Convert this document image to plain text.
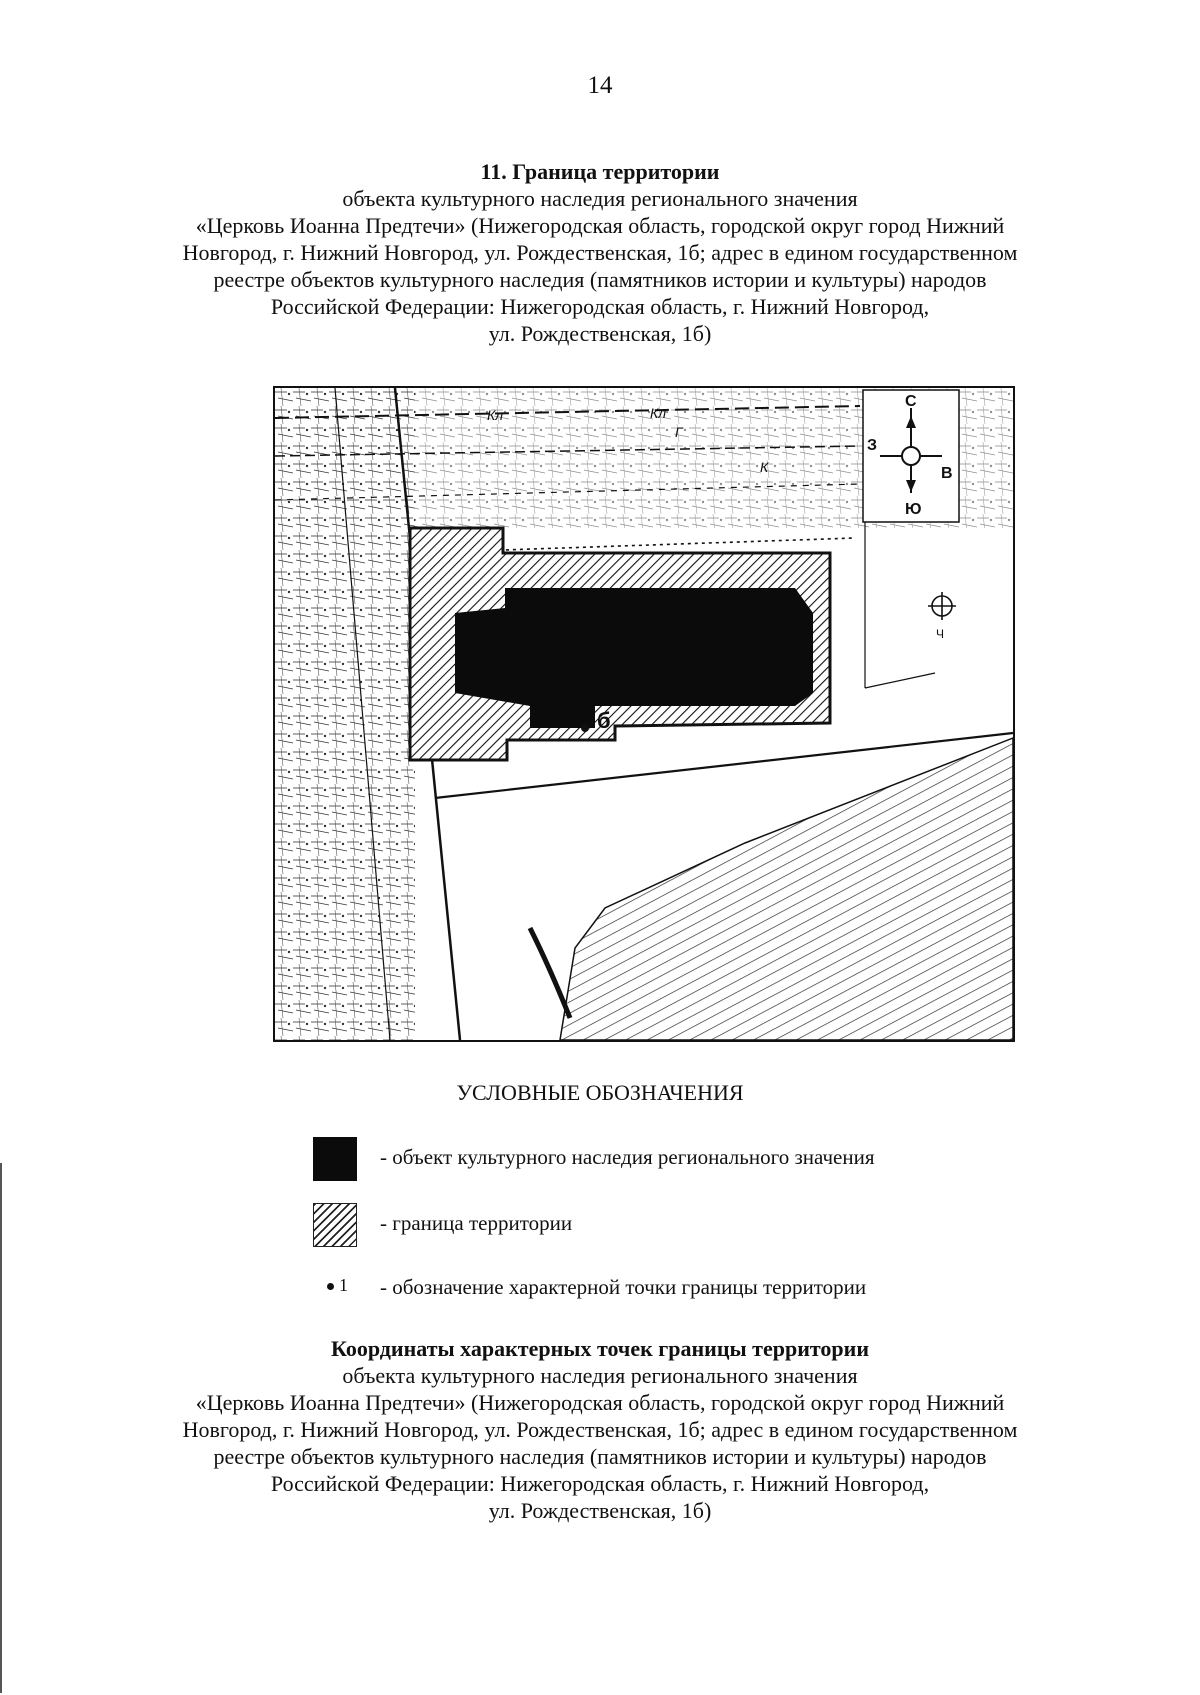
14
11. Граница территории
объекта культурного наследия регионального значения
«Церковь Иоанна Предтечи» (Нижегородская область, городской округ город Нижний
Новгород, г. Нижний Новгород, ул. Рождественская, 1б; адрес в едином государственном
реестре объектов культурного наследия (памятников истории и культуры) народов
Российской Федерации: Нижегородская область, г. Нижний Новгород,
ул. Рождественская, 1б)
б
Кл	Кл
К
Г
Ч
С
Ю
З
В
УСЛОВНЫЕ ОБОЗНАЧЕНИЯ
- объект культурного наследия регионального значения
- граница территории
1 - обозначение характерной точки границы территории
Координаты характерных точек границы территории
объекта культурного наследия регионального значения
«Церковь Иоанна Предтечи» (Нижегородская область, городской округ город Нижний
Новгород, г. Нижний Новгород, ул. Рождественская, 1б; адрес в едином государственном
реестре объектов культурного наследия (памятников истории и культуры) народов
Российской Федерации: Нижегородская область, г. Нижний Новгород,
ул. Рождественская, 1б)
